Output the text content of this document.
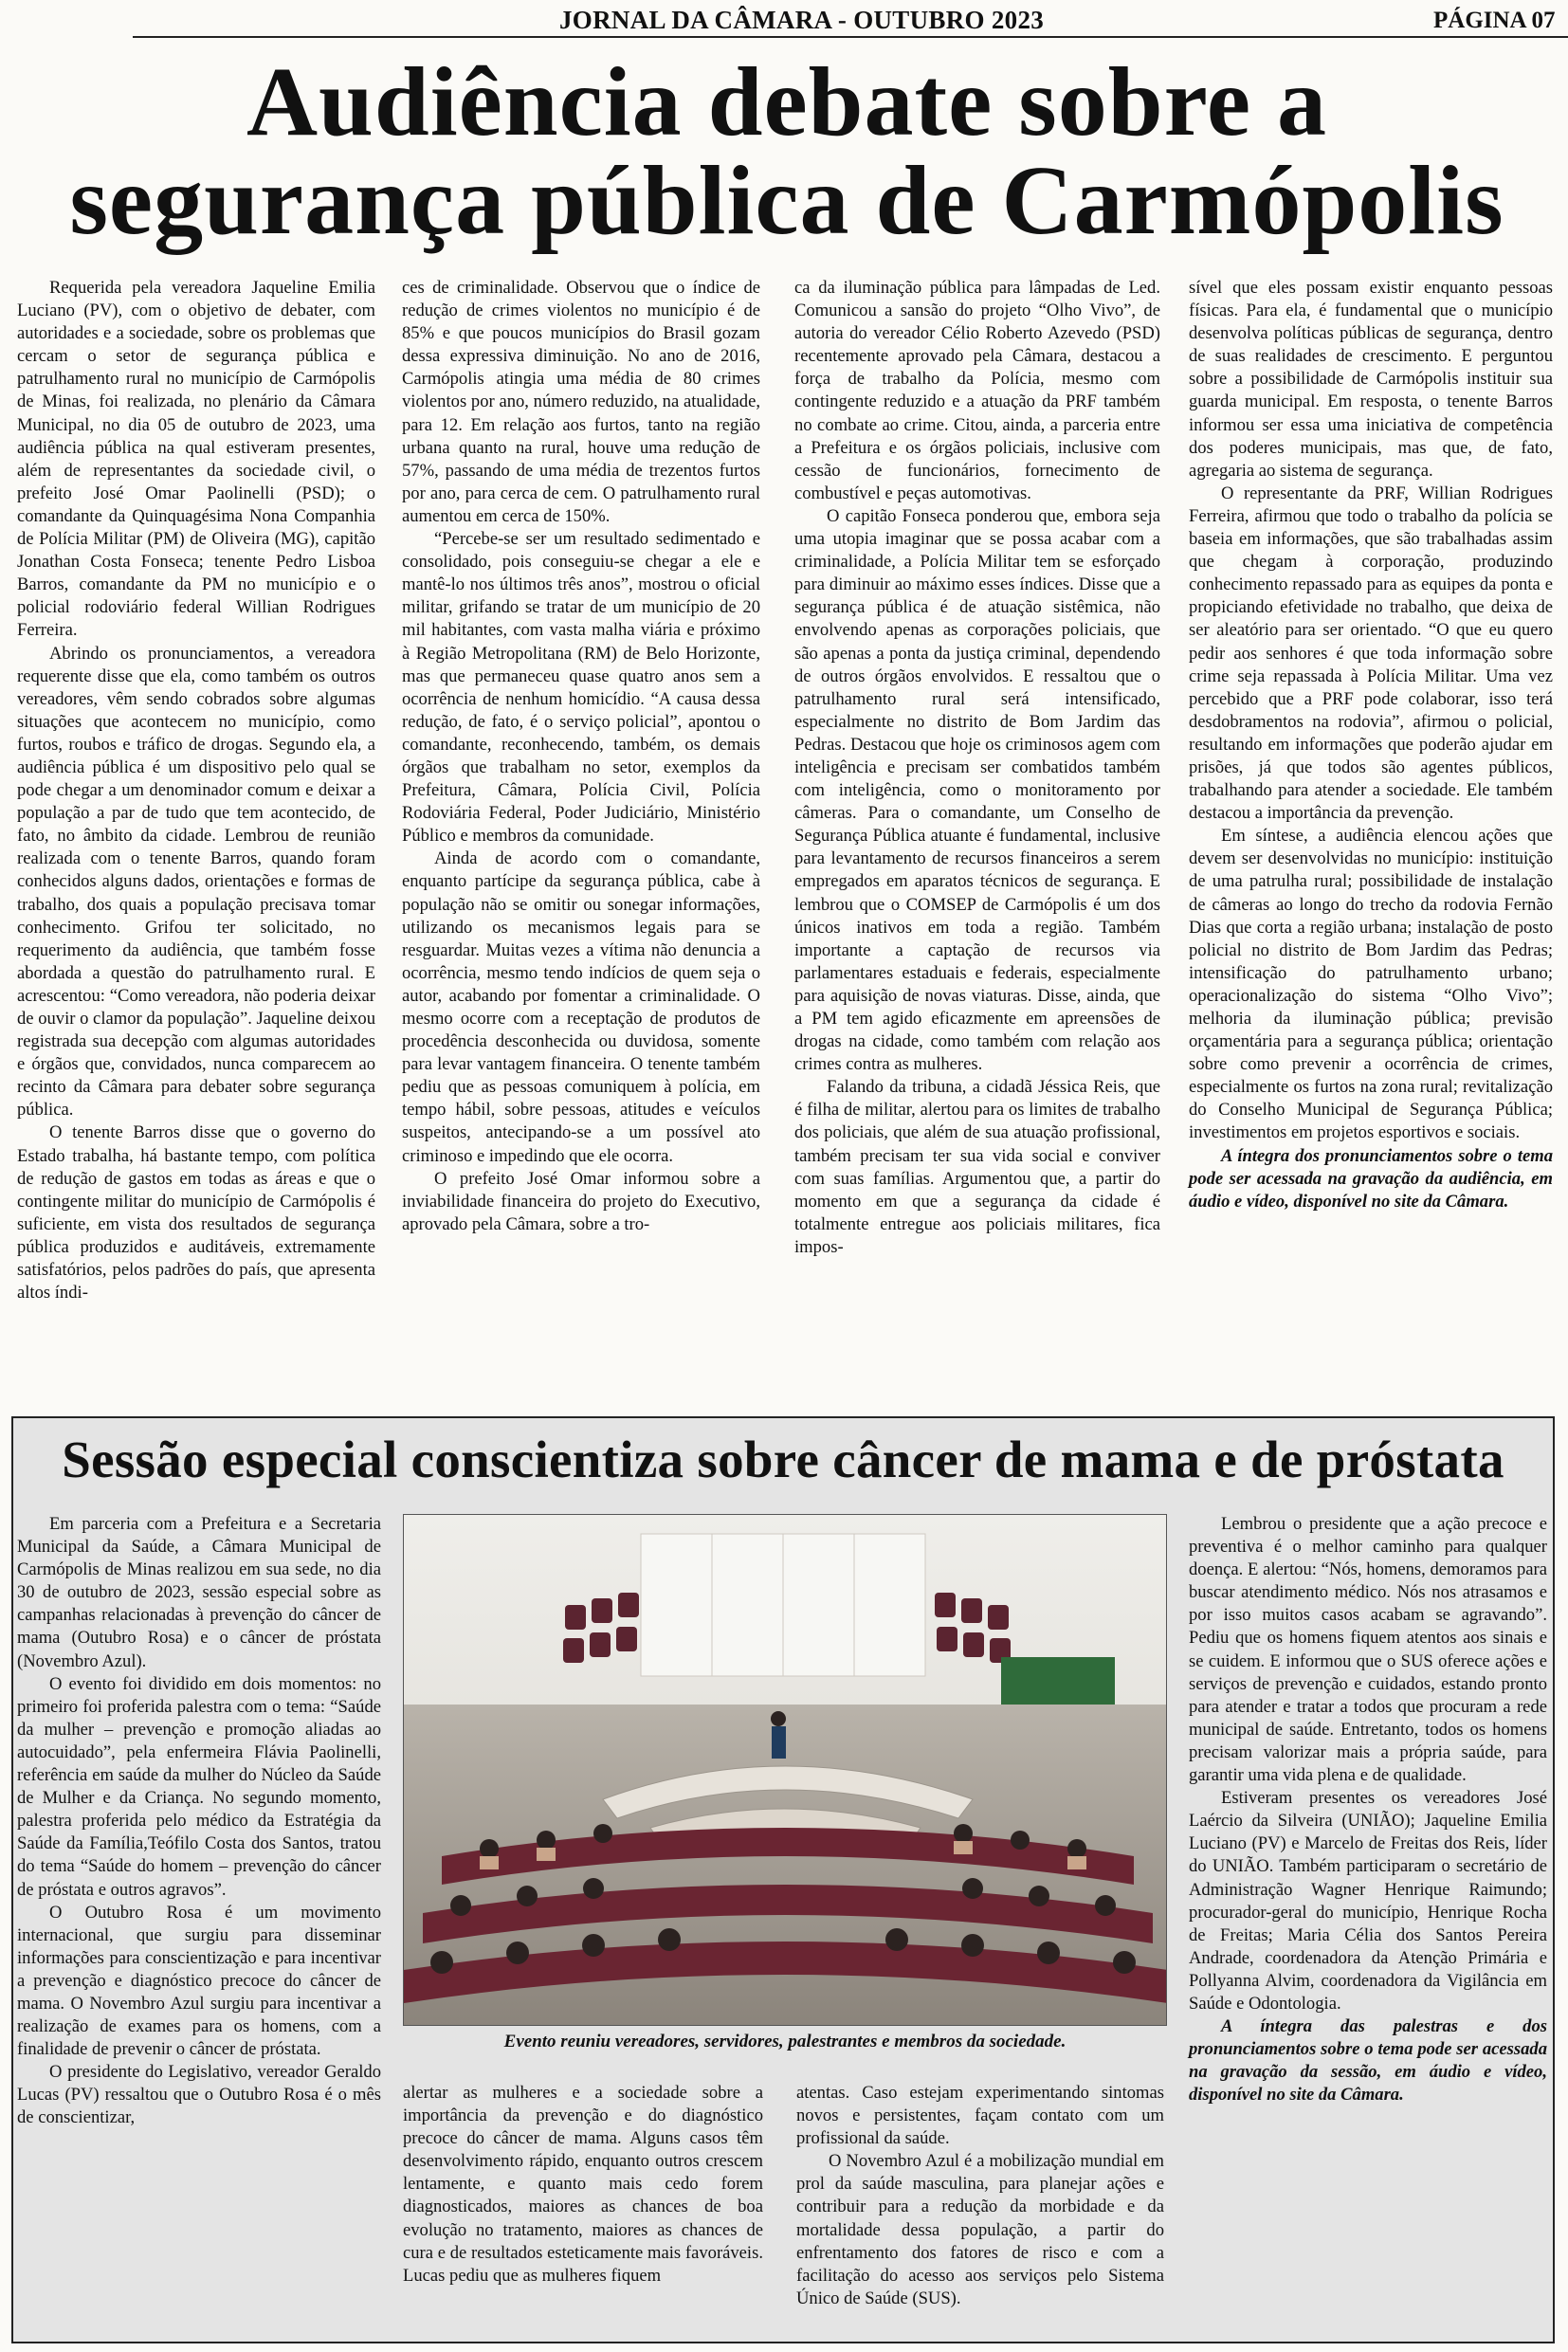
JORNAL DA CÂMARA - OUTUBRO 2023	PÁGINA 07
Audiência debate sobre a segurança pública de Carmópolis

Requerida pela vereadora Jaqueline Emilia Luciano (PV), com o objetivo de debater, com autoridades e a sociedade, sobre os problemas que cercam o setor de segurança pública e patrulhamento rural no município de Carmópolis de Minas, foi realizada, no plenário da Câmara Municipal, no dia 05 de outubro de 2023, uma audiência pública na qual estiveram presentes, além de representantes da sociedade civil, o prefeito José Omar Paolinelli (PSD); o comandante da Quinquagésima Nona Companhia de Polícia Militar (PM) de Oliveira (MG), capitão Jonathan Costa Fonseca; tenente Pedro Lisboa Barros, comandante da PM no município e o policial rodoviário federal Willian Rodrigues Ferreira.

Abrindo os pronunciamentos, a vereadora requerente disse que ela, como também os outros vereadores, vêm sendo cobrados sobre algumas situações que acontecem no município, como furtos, roubos e tráfico de drogas. Segundo ela, a audiência pública é um dispositivo pelo qual se pode chegar a um denominador comum e deixar a população a par de tudo que tem acontecido, de fato, no âmbito da cidade. Lembrou de reunião realizada com o tenente Barros, quando foram conhecidos alguns dados, orientações e formas de trabalho, dos quais a população precisava tomar conhecimento. Grifou ter solicitado, no requerimento da audiência, que também fosse abordada a questão do patrulhamento rural. E acrescentou: “Como vereadora, não poderia deixar de ouvir o clamor da população”. Jaqueline deixou registrada sua decepção com algumas autoridades e órgãos que, convidados, nunca comparecem ao recinto da Câmara para debater sobre segurança pública.

O tenente Barros disse que o governo do Estado trabalha, há bastante tempo, com política de redução de gastos em todas as áreas e que o contingente militar do município de Carmópolis é suficiente, em vista dos resultados de segurança pública produzidos e auditáveis, extremamente satisfatórios, pelos padrões do país, que apresenta altos índi-

ces de criminalidade. Observou que o índice de redução de crimes violentos no município é de 85% e que poucos municípios do Brasil gozam dessa expressiva diminuição. No ano de 2016, Carmópolis atingia uma média de 80 crimes violentos por ano, número reduzido, na atualidade, para 12. Em relação aos furtos, tanto na região urbana quanto na rural, houve uma redução de 57%, passando de uma média de trezentos furtos por ano, para cerca de cem. O patrulhamento rural aumentou em cerca de 150%.

“Percebe-se ser um resultado sedimentado e consolidado, pois conseguiu-se chegar a ele e mantê-lo nos últimos três anos”, mostrou o oficial militar, grifando se tratar de um município de 20 mil habitantes, com vasta malha viária e próximo à Região Metropolitana (RM) de Belo Horizonte, mas que permaneceu quase quatro anos sem a ocorrência de nenhum homicídio. “A causa dessa redução, de fato, é o serviço policial”, apontou o comandante, reconhecendo, também, os demais órgãos que trabalham no setor, exemplos da Prefeitura, Câmara, Polícia Civil, Polícia Rodoviária Federal, Poder Judiciário, Ministério Público e membros da comunidade.

Ainda de acordo com o comandante, enquanto partícipe da segurança pública, cabe à população não se omitir ou sonegar informações, utilizando os mecanismos legais para se resguardar. Muitas vezes a vítima não denuncia a ocorrência, mesmo tendo indícios de quem seja o autor, acabando por fomentar a criminalidade. O mesmo ocorre com a receptação de produtos de procedência desconhecida ou duvidosa, somente para levar vantagem financeira. O tenente também pediu que as pessoas comuniquem à polícia, em tempo hábil, sobre pessoas, atitudes e veículos suspeitos, antecipando-se a um possível ato criminoso e impedindo que ele ocorra.

O prefeito José Omar informou sobre a inviabilidade financeira do projeto do Executivo, aprovado pela Câmara, sobre a tro-

ca da iluminação pública para lâmpadas de Led. Comunicou a sansão do projeto “Olho Vivo”, de autoria do vereador Célio Roberto Azevedo (PSD) recentemente aprovado pela Câmara, destacou a força de trabalho da Polícia, mesmo com contingente reduzido e a atuação da PRF também no combate ao crime. Citou, ainda, a parceria entre a Prefeitura e os órgãos policiais, inclusive com cessão de funcionários, fornecimento de combustível e peças automotivas.

O capitão Fonseca ponderou que, embora seja uma utopia imaginar que se possa acabar com a criminalidade, a Polícia Militar tem se esforçado para diminuir ao máximo esses índices. Disse que a segurança pública é de atuação sistêmica, não envolvendo apenas as corporações policiais, que são apenas a ponta da justiça criminal, dependendo de outros órgãos envolvidos. E ressaltou que o patrulhamento rural será intensificado, especialmente no distrito de Bom Jardim das Pedras. Destacou que hoje os criminosos agem com inteligência e precisam ser combatidos também com inteligência, como o monitoramento por câmeras. Para o comandante, um Conselho de Segurança Pública atuante é fundamental, inclusive para levantamento de recursos financeiros a serem empregados em aparatos técnicos de segurança. E lembrou que o COMSEP de Carmópolis é um dos únicos inativos em toda a região. Também importante a captação de recursos via parlamentares estaduais e federais, especialmente para aquisição de novas viaturas. Disse, ainda, que a PM tem agido eficazmente em apreensões de drogas na cidade, como também com relação aos crimes contra as mulheres.

Falando da tribuna, a cidadã Jéssica Reis, que é filha de militar, alertou para os limites de trabalho dos policiais, que além de sua atuação profissional, também precisam ter sua vida social e conviver com suas famílias. Argumentou que, a partir do momento em que a segurança da cidade é totalmente entregue aos policiais militares, fica impos-

sível que eles possam existir enquanto pessoas físicas. Para ela, é fundamental que o município desenvolva políticas públicas de segurança, dentro de suas realidades de crescimento. E perguntou sobre a possibilidade de Carmópolis instituir sua guarda municipal. Em resposta, o tenente Barros informou ser essa uma iniciativa de competência dos poderes municipais, mas que, de fato, agregaria ao sistema de segurança.

O representante da PRF, Willian Rodrigues Ferreira, afirmou que todo o trabalho da polícia se baseia em informações, que são trabalhadas assim que chegam à corporação, produzindo conhecimento repassado para as equipes da ponta e propiciando efetividade no trabalho, que deixa de ser aleatório para ser orientado. “O que eu quero pedir aos senhores é que toda informação sobre crime seja repassada à Polícia Militar. Uma vez percebido que a PRF pode colaborar, isso terá desdobramentos na rodovia”, afirmou o policial, resultando em informações que poderão ajudar em prisões, já que todos são agentes públicos, trabalhando para atender a sociedade. Ele também destacou a importância da prevenção.

Em síntese, a audiência elencou ações que devem ser desenvolvidas no município: instituição de uma patrulha rural; possibilidade de instalação de câmeras ao longo do trecho da rodovia Fernão Dias que corta a região urbana; instalação de posto policial no distrito de Bom Jardim das Pedras; intensificação do patrulhamento urbano; operacionalização do sistema “Olho Vivo”; melhoria da iluminação pública; previsão orçamentária para a segurança pública; orientação sobre como prevenir a ocorrência de crimes, especialmente os furtos na zona rural; revitalização do Conselho Municipal de Segurança Pública; investimentos em projetos esportivos e sociais.

A íntegra dos pronunciamentos sobre o tema pode ser acessada na gravação da audiência, em áudio e vídeo, disponível no site da Câmara.

Sessão especial conscientiza sobre câncer de mama e de próstata
Evento reuniu vereadores, servidores, palestrantes e membros da sociedade.

Em parceria com a Prefeitura e a Secretaria Municipal da Saúde, a Câmara Municipal de Carmópolis de Minas realizou em sua sede, no dia 30 de outubro de 2023, sessão especial sobre as campanhas relacionadas à prevenção do câncer de mama (Outubro Rosa) e o câncer de próstata (Novembro Azul).

O evento foi dividido em dois momentos: no primeiro foi proferida palestra com o tema: “Saúde da mulher – prevenção e promoção aliadas ao autocuidado”, pela enfermeira Flávia Paolinelli, referência em saúde da mulher do Núcleo da Saúde de Mulher e da Criança. No segundo momento, palestra proferida pelo médico da Estratégia da Saúde da Família,Teófilo Costa dos Santos, tratou do tema “Saúde do homem – prevenção do câncer de próstata e outros agravos”.

O Outubro Rosa é um movimento internacional, que surgiu para disseminar informações para conscientização e para incentivar a prevenção e diagnóstico precoce do câncer de mama. O Novembro Azul surgiu para incentivar a realização de exames para os homens, com a finalidade de prevenir o câncer de próstata.

O presidente do Legislativo, vereador Geraldo Lucas (PV) ressaltou que o Outubro Rosa é o mês de conscientizar,

alertar as mulheres e a sociedade sobre a importância da prevenção e do diagnóstico precoce do câncer de mama. Alguns casos têm desenvolvimento rápido, enquanto outros crescem lentamente, e quanto mais cedo forem diagnosticados, maiores as chances de boa evolução no tratamento, maiores as chances de cura e de resultados esteticamente mais favoráveis. Lucas pediu que as mulheres fiquem

atentas. Caso estejam experimentando sintomas novos e persistentes, façam contato com um profissional da saúde.

O Novembro Azul é a mobilização mundial em prol da saúde masculina, para planejar ações e contribuir para a redução da morbidade e da mortalidade dessa população, a partir do enfrentamento dos fatores de risco e com a facilitação do acesso aos serviços pelo Sistema Único de Saúde (SUS).

Lembrou o presidente que a ação precoce e preventiva é o melhor caminho para qualquer doença. E alertou: “Nós, homens, demoramos para buscar atendimento médico. Nós nos atrasamos e por isso muitos casos acabam se agravando”. Pediu que os homens fiquem atentos aos sinais e se cuidem. E informou que o SUS oferece ações e serviços de prevenção e cuidados, estando pronto para atender e tratar a todos que procuram a rede municipal de saúde. Entretanto, todos os homens precisam valorizar mais a própria saúde, para garantir uma vida plena e de qualidade.

Estiveram presentes os vereadores José Laércio da Silveira (UNIÃO); Jaqueline Emilia Luciano (PV) e Marcelo de Freitas dos Reis, líder do UNIÃO. Também participaram o secretário de Administração Wagner Henrique Raimundo; procurador-geral do município, Henrique Rocha de Freitas; Maria Célia dos Santos Pereira Andrade, coordenadora da Atenção Primária e Pollyanna Alvim, coordenadora da Vigilância em Saúde e Odontologia.

A íntegra das palestras e dos pronunciamentos sobre o tema pode ser acessada na gravação da sessão, em áudio e vídeo, disponível no site da Câmara.
